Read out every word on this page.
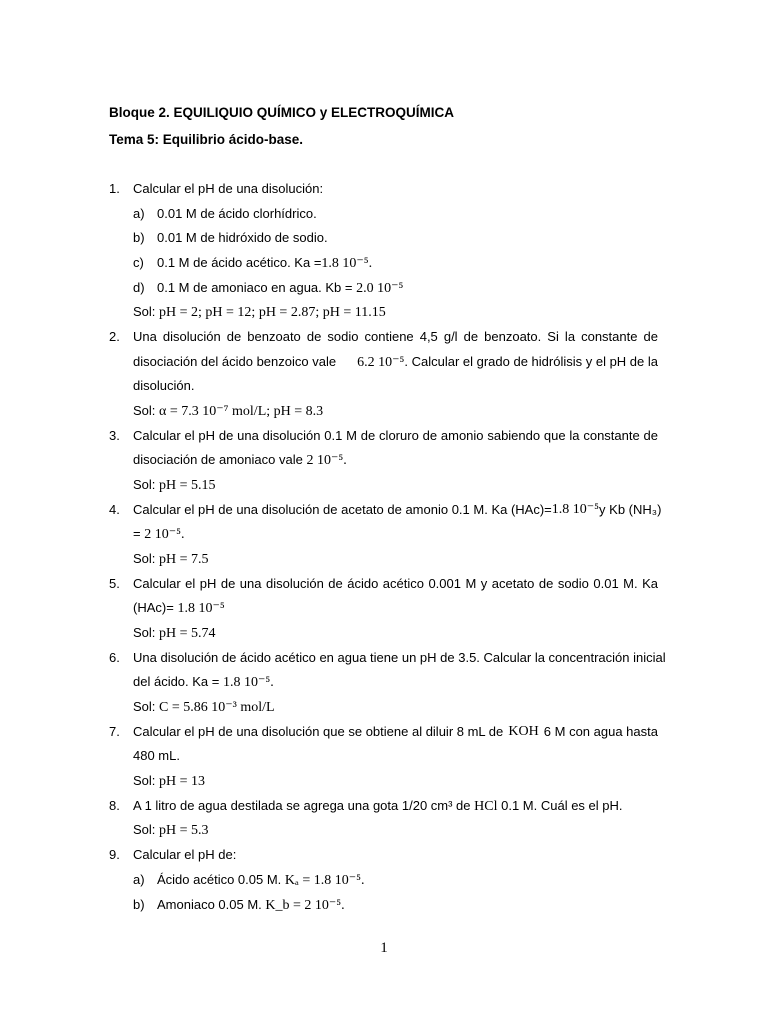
Bloque 2. EQUILIQUIO QUÍMICO y ELECTROQUÍMICA
Tema 5: Equilibrio ácido-base.
1. Calcular el pH de una disolución:
a) 0.01 M de ácido clorhídrico.
b) 0.01 M de hidróxido de sodio.
c) 0.1 M de ácido acético. Ka =1.8 10⁻⁵.
d) 0.1 M de amoniaco en agua. Kb = 2.0 10⁻⁵
Sol: pH = 2; pH = 12; pH = 2.87; pH = 11.15
2. Una disolución de benzoato de sodio contiene 4,5 g/l de benzoato. Si la constante de
disociación del ácido benzoico vale 6.2 10⁻⁵. Calcular el grado de hidrólisis y el pH de la
disolución.
Sol: α = 7.3 10⁻⁷ mol/L; pH = 8.3
3. Calcular el pH de una disolución 0.1 M de cloruro de amonio sabiendo que la constante de
disociación de amoniaco vale 2 10⁻⁵.
Sol: pH = 5.15
4. Calcular el pH de una disolución de acetato de amonio 0.1 M. Ka (HAc)= 1.8 10⁻⁵ y Kb (NH₃)
= 2 10⁻⁵.
Sol: pH = 7.5
5. Calcular el pH de una disolución de ácido acético 0.001 M y acetato de sodio 0.01 M. Ka
(HAc)= 1.8 10⁻⁵
Sol: pH = 5.74
6. Una disolución de ácido acético en agua tiene un pH de 3.5. Calcular la concentración inicial
del ácido. Ka = 1.8 10⁻⁵.
Sol: C = 5.86 10⁻³ mol/L
7. Calcular el pH de una disolución que se obtiene al diluir 8 mL de KOH 6 M con agua hasta
480 mL.
Sol: pH = 13
8. A 1 litro de agua destilada se agrega una gota 1/20 cm³ de HCl 0.1 M. Cuál es el pH.
Sol: pH = 5.3
9. Calcular el pH de:
a) Ácido acético 0.05 M. Kₐ = 1.8 10⁻⁵.
b) Amoniaco 0.05 M. K_b = 2 10⁻⁵.
1
